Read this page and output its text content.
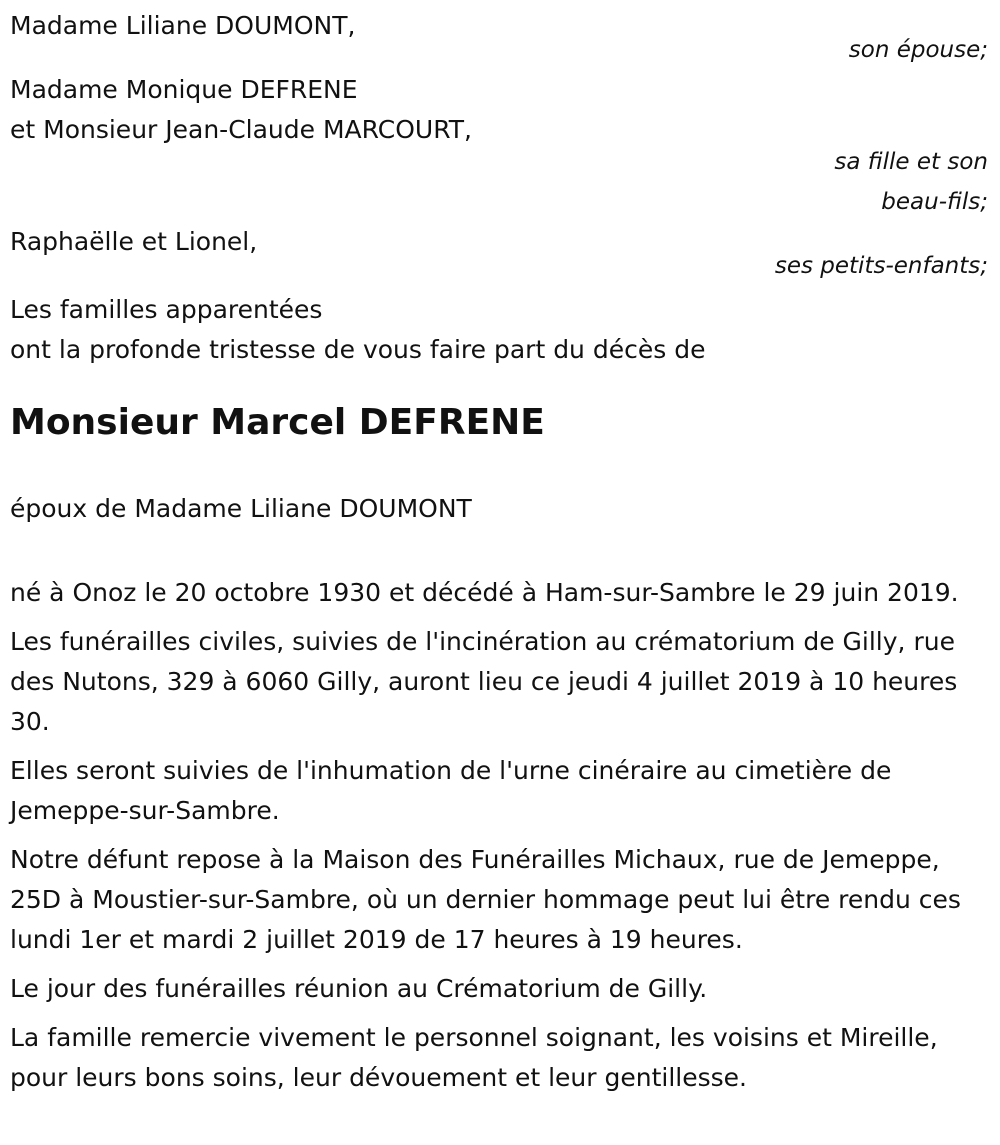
Madame Liliane DOUMONT,
son épouse;
Madame Monique DEFRENE
et Monsieur Jean-Claude MARCOURT,
sa fille et son
beau-fils;
Raphaëlle et Lionel,
ses petits-enfants;
Les familles apparentées
ont la profonde tristesse de vous faire part du décès de
Monsieur Marcel DEFRENE
époux de Madame Liliane DOUMONT

né à Onoz le 20 octobre 1930 et décédé à Ham-sur-Sambre le 29 juin 2019.

Les funérailles civiles, suivies de l'incinération au crématorium de Gilly, rue des Nutons, 329 à 6060 Gilly, auront lieu ce jeudi 4 juillet 2019 à 10 heures 30.

Elles seront suivies de l'inhumation de l'urne cinéraire au cimetière de Jemeppe-sur-Sambre.

Notre défunt repose à la Maison des Funérailles Michaux, rue de Jemeppe, 25D à Moustier-sur-Sambre, où un dernier hommage peut lui être rendu ces lundi 1er et mardi 2 juillet 2019 de 17 heures à 19 heures.

Le jour des funérailles réunion au Crématorium de Gilly.

La famille remercie vivement le personnel soignant, les voisins et Mireille, pour leurs bons soins, leur dévouement et leur gentillesse.
